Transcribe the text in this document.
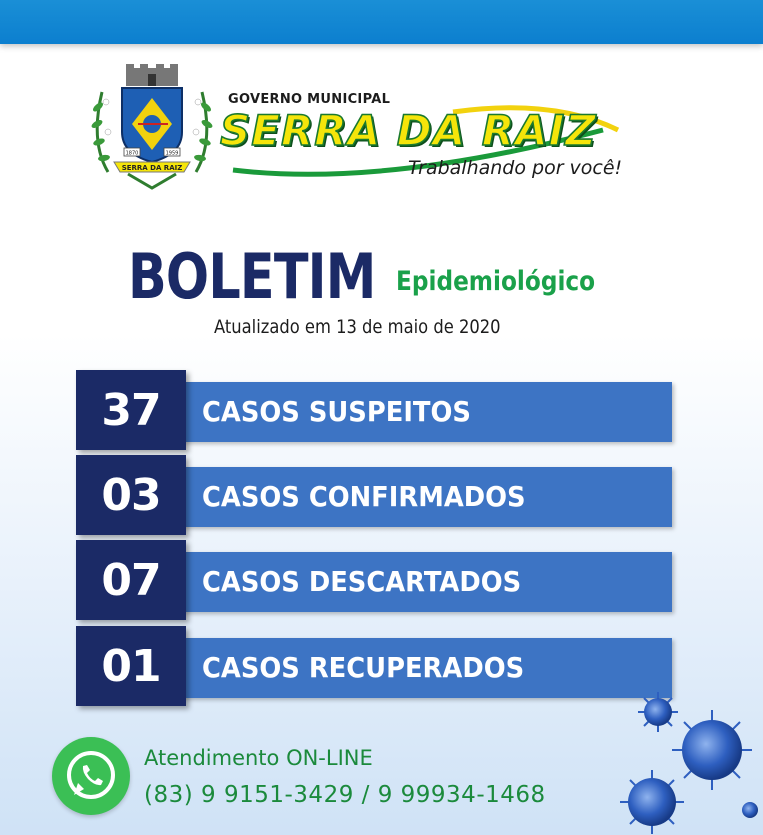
1870	1959
SERRA DA RAIZ
GOVERNO MUNICIPAL
SERRA DA RAIZ
Trabalhando por você!
BOLETIM Epidemiológico
Atualizado em 13 de maio de 2020
37	CASOS SUSPEITOS
03	CASOS CONFIRMADOS
07	CASOS DESCARTADOS
01	CASOS RECUPERADOS
Atendimento ON-LINE
(83) 9 9151-3429 / 9 99934-1468
